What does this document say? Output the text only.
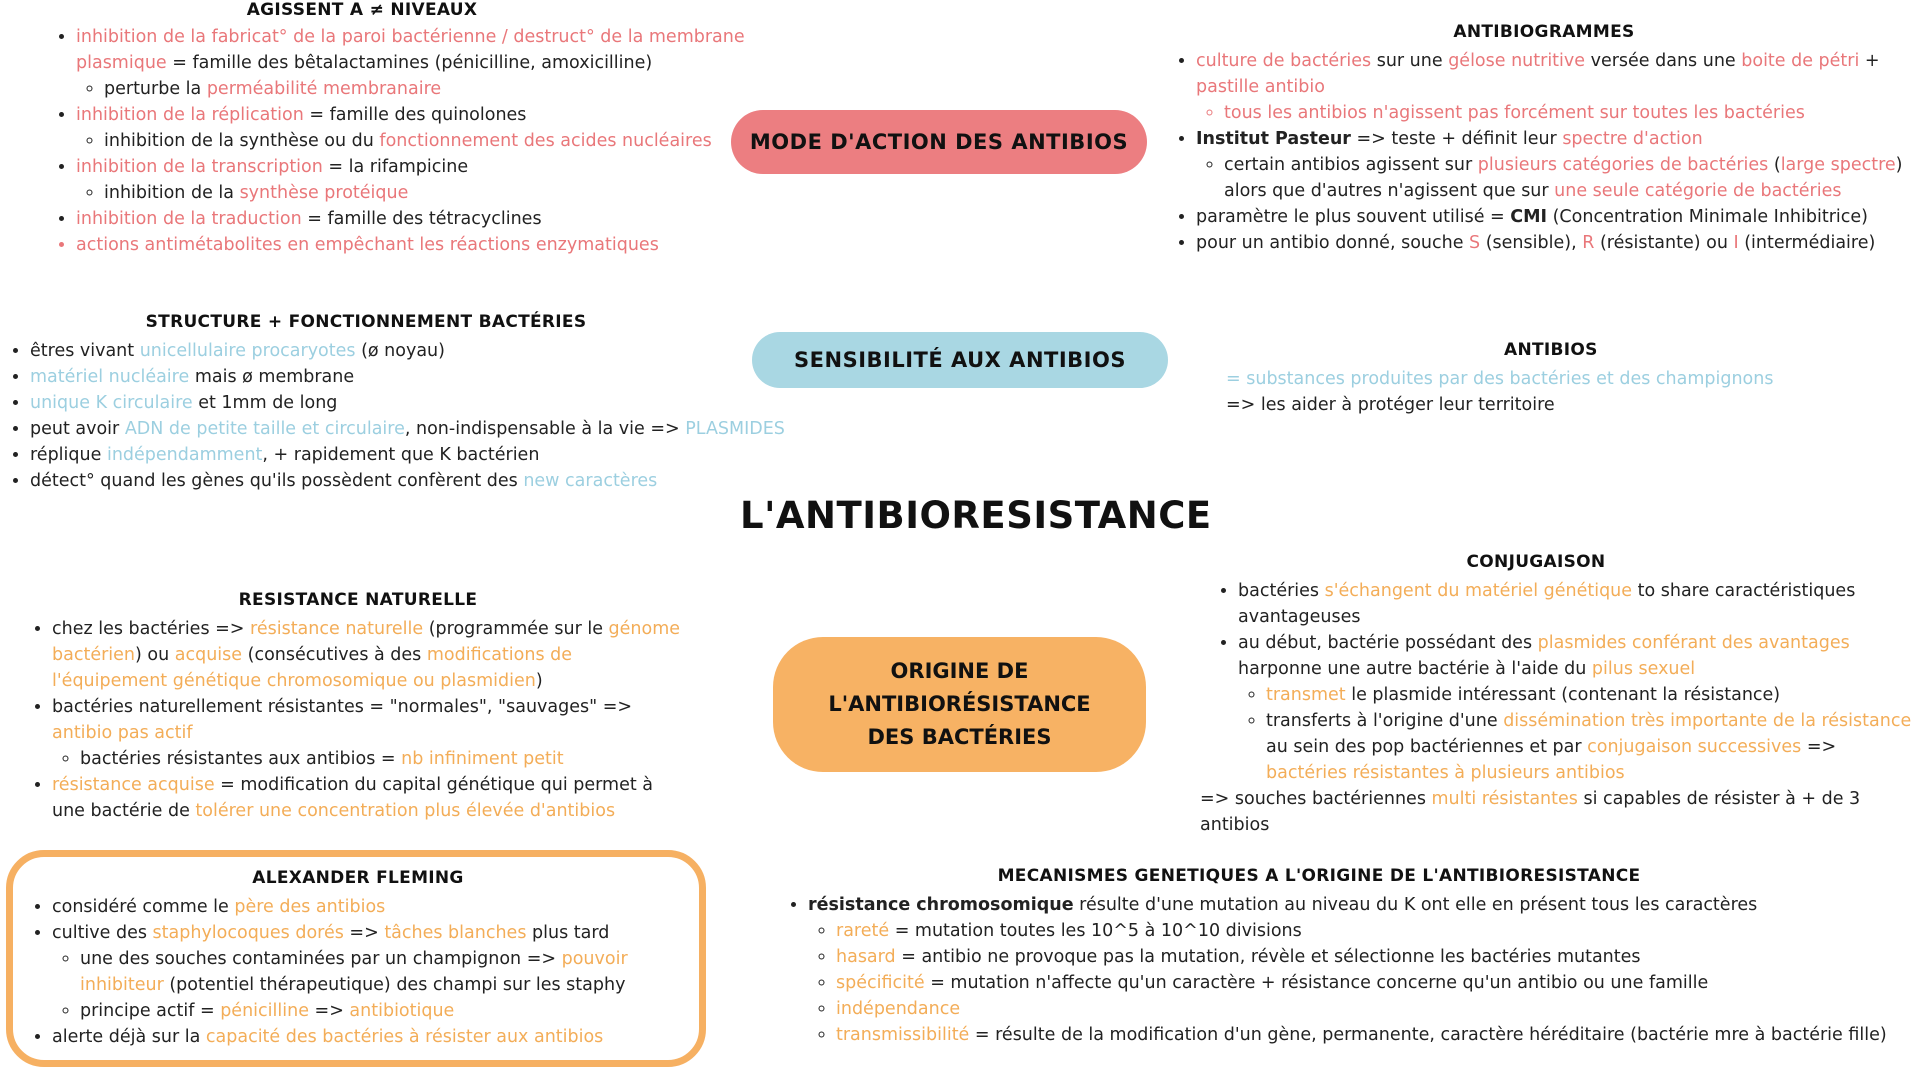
AGISSENT A ≠ NIVEAUX
• inhibition de la fabricat° de la paroi bactérienne / destruct° de la membrane plasmique = famille des bêtalactamines (pénicilline, amoxicilline)
◦ perturbe la perméabilité membranaire
• inhibition de la réplication = famille des quinolones
◦ inhibition de la synthèse ou du fonctionnement des acides nucléaires
• inhibition de la transcription = la rifampicine
◦ inhibition de la synthèse protéique
• inhibition de la traduction = famille des tétracyclines
• actions antimétabolites en empêchant les réactions enzymatiques
MODE D'ACTION DES ANTIBIOS
ANTIBIOGRAMMES
• culture de bactéries sur une gélose nutritive versée dans une boite de pétri + pastille antibio
◦ tous les antibios n'agissent pas forcément sur toutes les bactéries
• Institut Pasteur => teste + définit leur spectre d'action
◦ certain antibios agissent sur plusieurs catégories de bactéries (large spectre) alors que d'autres n'agissent que sur une seule catégorie de bactéries
• paramètre le plus souvent utilisé = CMI (Concentration Minimale Inhibitrice)
• pour un antibio donné, souche S (sensible), R (résistante) ou I (intermédiaire)
STRUCTURE + FONCTIONNEMENT BACTÉRIES
• êtres vivant unicellulaire procaryotes (ø noyau)
• matériel nucléaire mais ø membrane
• unique K circulaire et 1mm de long
• peut avoir ADN de petite taille et circulaire, non-indispensable à la vie => PLASMIDES
• réplique indépendamment, + rapidement que K bactérien
• détect° quand les gènes qu'ils possèdent confèrent des new caractères
SENSIBILITÉ AUX ANTIBIOS	ANTIBIOS
= substances produites par des bactéries et des champignons
=> les aider à protéger leur territoire
L'ANTIBIORESISTANCE
RESISTANCE NATURELLE
• chez les bactéries => résistance naturelle (programmée sur le génome bactérien) ou acquise (consécutives à des modifications de l'équipement génétique chromosomique ou plasmidien)
• bactéries naturellement résistantes = "normales", "sauvages" => antibio pas actif
◦ bactéries résistantes aux antibios = nb infiniment petit
• résistance acquise = modification du capital génétique qui permet à une bactérie de tolérer une concentration plus élevée d'antibios
ORIGINE DE
L'ANTIBIORÉSISTANCE
DES BACTÉRIES
CONJUGAISON
• bactéries s'échangent du matériel génétique to share caractéristiques avantageuses
• au début, bactérie possédant des plasmides conférant des avantages harponne une autre bactérie à l'aide du pilus sexuel
◦ transmet le plasmide intéressant (contenant la résistance)
◦ transferts à l'origine d'une dissémination très importante de la résistance au sein des pop bactériennes et par conjugaison successives => bactéries résistantes à plusieurs antibios
=> souches bactériennes multi résistantes si capables de résister à + de 3 antibios
ALEXANDER FLEMING
• considéré comme le père des antibios
• cultive des staphylocoques dorés => tâches blanches plus tard
◦ une des souches contaminées par un champignon => pouvoir inhibiteur (potentiel thérapeutique) des champi sur les staphy
◦ principe actif = pénicilline => antibiotique
• alerte déjà sur la capacité des bactéries à résister aux antibios
MECANISMES GENETIQUES A L'ORIGINE DE L'ANTIBIORESISTANCE
• résistance chromosomique résulte d'une mutation au niveau du K ont elle en présent tous les caractères
◦ rareté = mutation toutes les 10^5 à 10^10 divisions
◦ hasard = antibio ne provoque pas la mutation, révèle et sélectionne les bactéries mutantes
◦ spécificité = mutation n'affecte qu'un caractère + résistance concerne qu'un antibio ou une famille
◦ indépendance
◦ transmissibilité = résulte de la modification d'un gène, permanente, caractère héréditaire (bactérie mre à bactérie fille)
